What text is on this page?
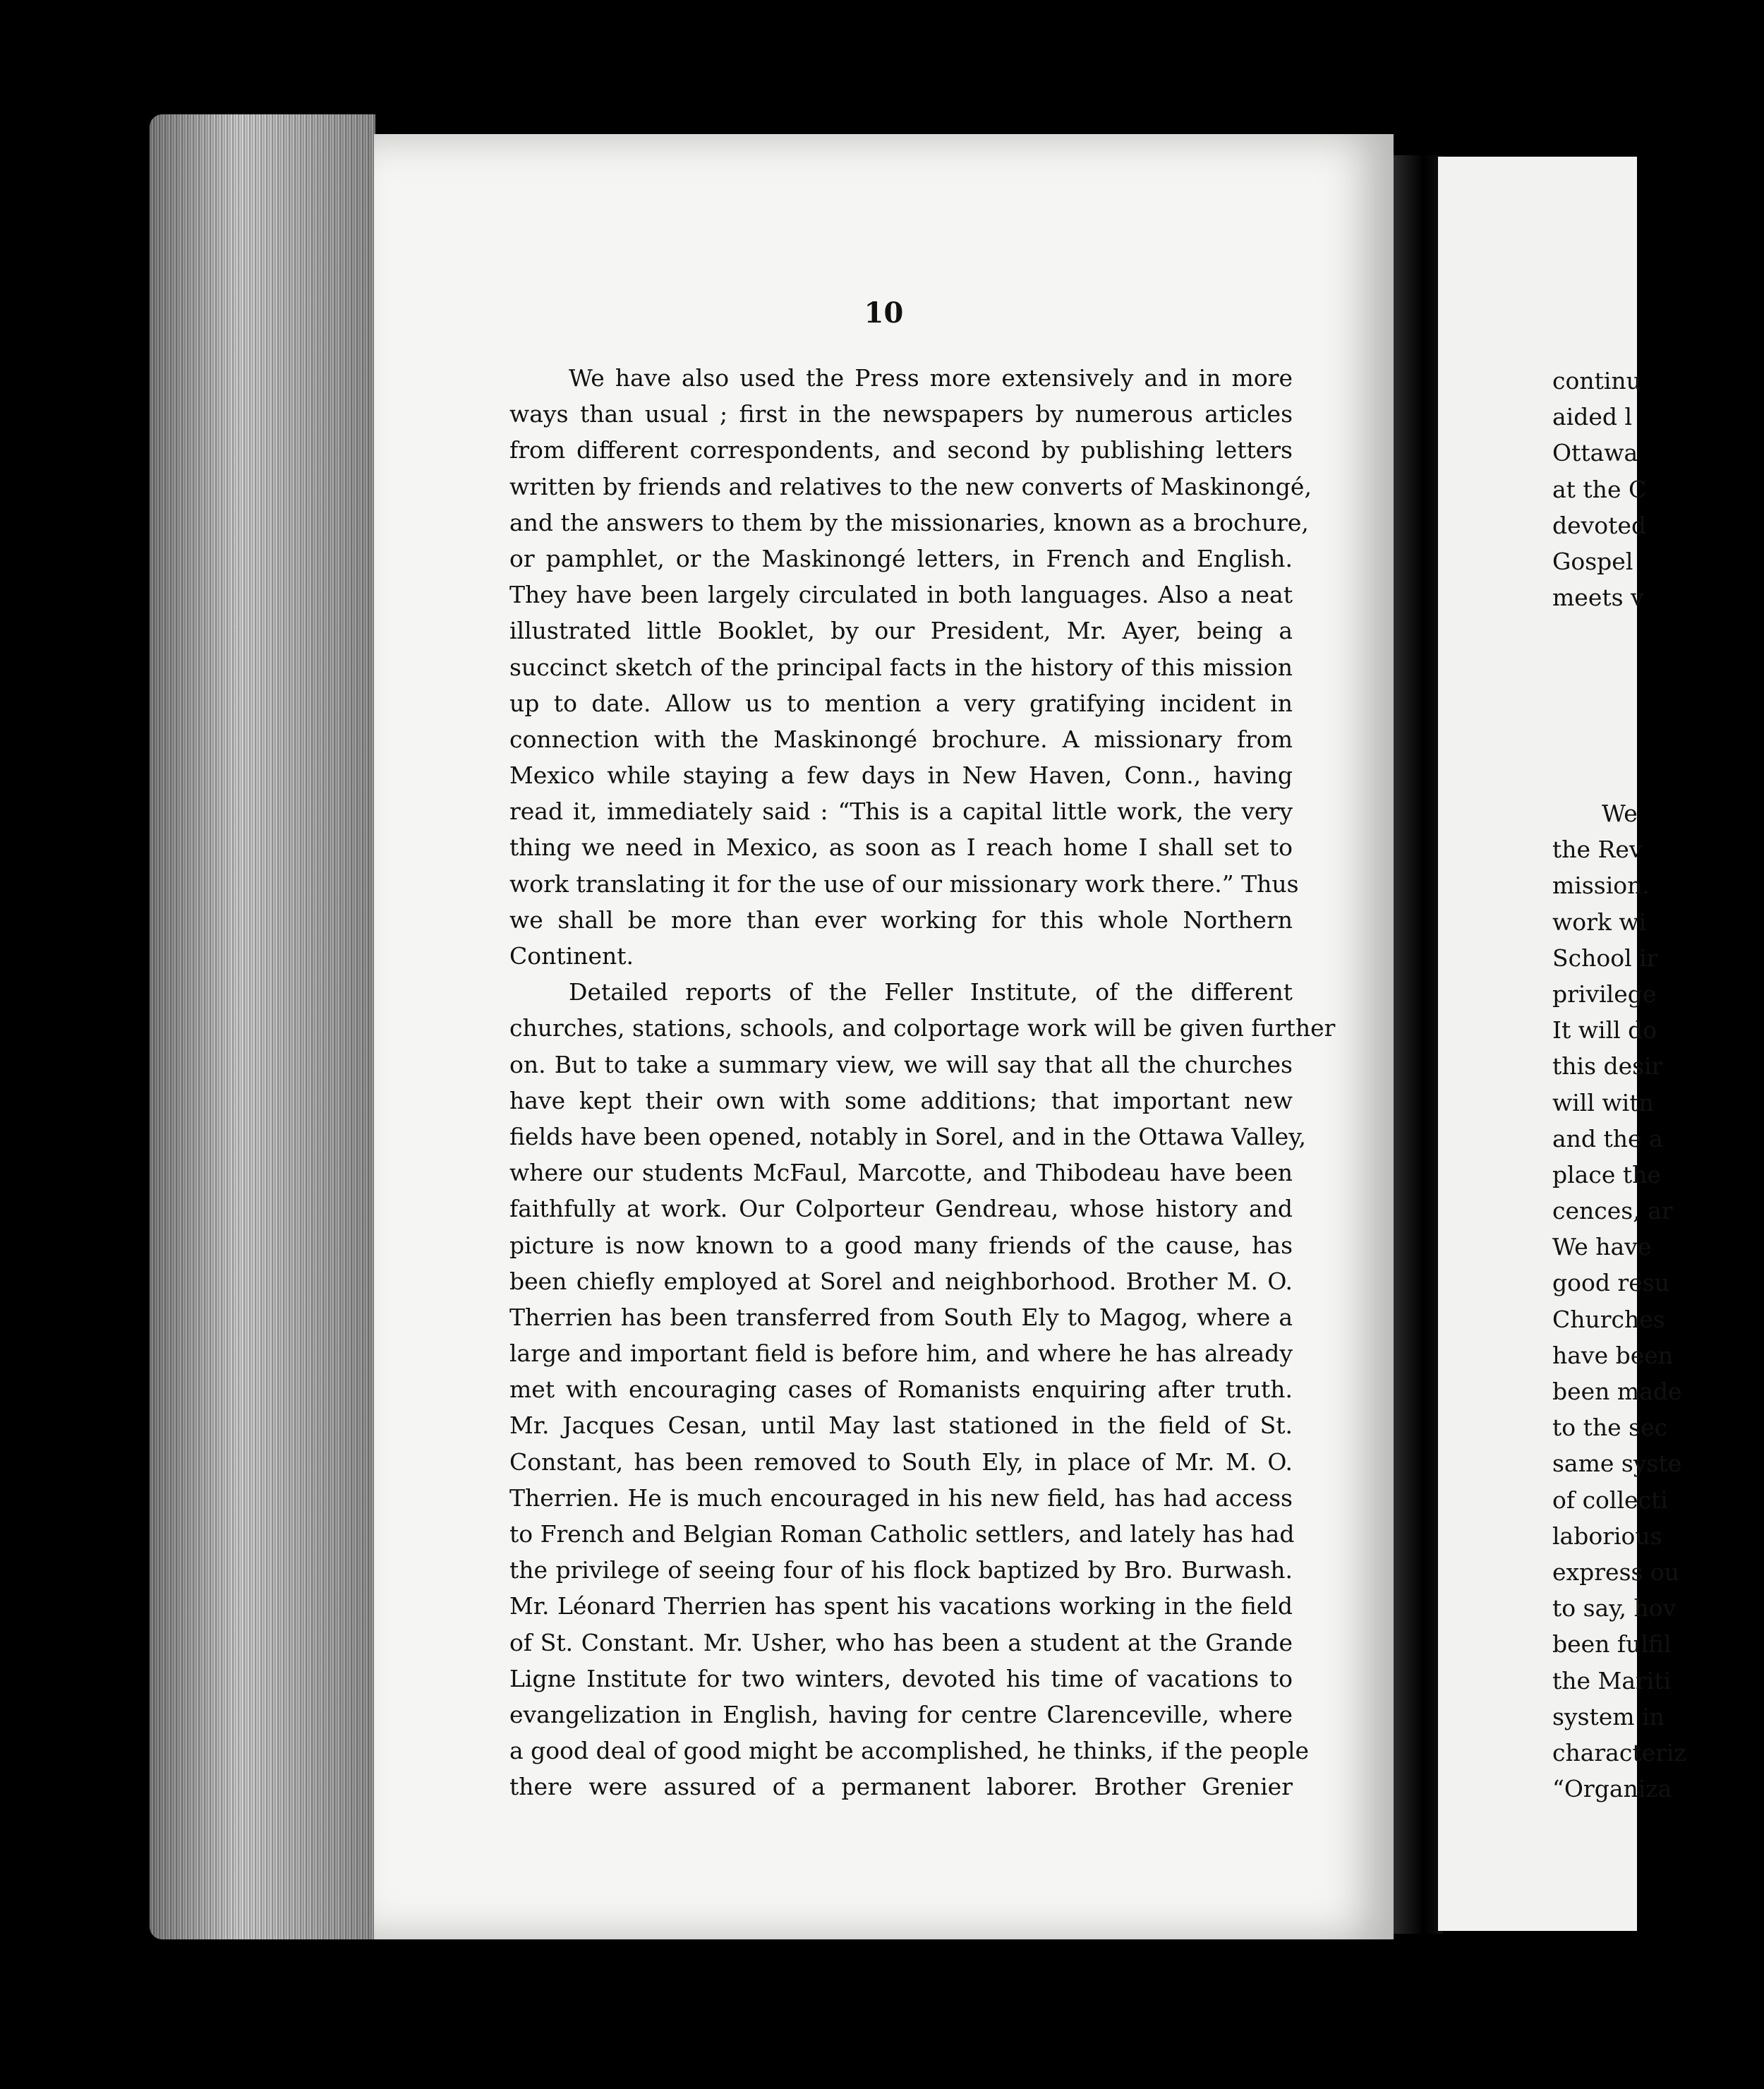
10
We have also used the Press more extensively and in more
ways than usual ; first in the newspapers by numerous articles
from different correspondents, and second by publishing letters
written by friends and relatives to the new converts of Maskinongé,
and the answers to them by the missionaries, known as a brochure,
or pamphlet, or the Maskinongé letters, in French and English.
They have been largely circulated in both languages. Also a neat
illustrated little Booklet, by our President, Mr. Ayer, being a
succinct sketch of the principal facts in the history of this mission
up to date. Allow us to mention a very gratifying incident in
connection with the Maskinongé brochure. A missionary from
Mexico while staying a few days in New Haven, Conn., having
read it, immediately said : “This is a capital little work, the very
thing we need in Mexico, as soon as I reach home I shall set to
work translating it for the use of our missionary work there.” Thus
we shall be more than ever working for this whole Northern
Continent.
Detailed reports of the Feller Institute, of the different
churches, stations, schools, and colportage work will be given further
on. But to take a summary view, we will say that all the churches
have kept their own with some additions; that important new
fields have been opened, notably in Sorel, and in the Ottawa Valley,
where our students McFaul, Marcotte, and Thibodeau have been
faithfully at work. Our Colporteur Gendreau, whose history and
picture is now known to a good many friends of the cause, has
been chiefly employed at Sorel and neighborhood. Brother M. O.
Therrien has been transferred from South Ely to Magog, where a
large and important field is before him, and where he has already
met with encouraging cases of Romanists enquiring after truth.
Mr. Jacques Cesan, until May last stationed in the field of St.
Constant, has been removed to South Ely, in place of Mr. M. O.
Therrien. He is much encouraged in his new field, has had access
to French and Belgian Roman Catholic settlers, and lately has had
the privilege of seeing four of his flock baptized by Bro. Burwash.
Mr. Léonard Therrien has spent his vacations working in the field
of St. Constant. Mr. Usher, who has been a student at the Grande
Ligne Institute for two winters, devoted his time of vacations to
evangelization in English, having for centre Clarenceville, where
a good deal of good might be accomplished, he thinks, if the people
there were assured of a permanent laborer. Brother Grenier
continu
aided l
Ottawa
at the C
devoted
Gospel
meets v
We
the Rev
mission.
work wi
School ir
privilege
It will do
this desir
will witn
and the a
place the
cences, ar
We have
good resu
Churches
have been
been made
to the sec
same syste
of collecti
laborious
express ou
to say, hov
been fulfil
the Mariti
system in
characteriz
“Organiza
